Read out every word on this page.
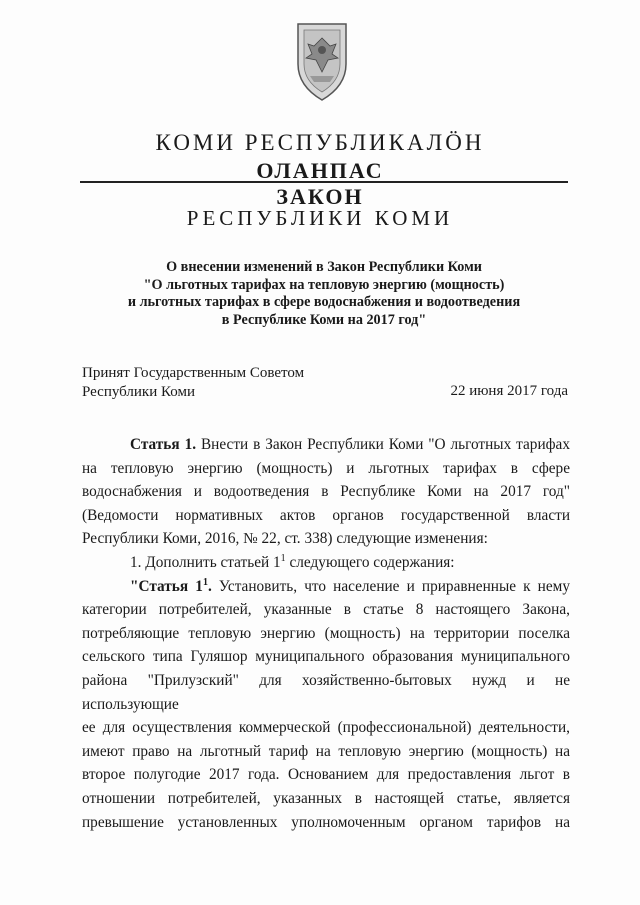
КОМИ РЕСПУБЛИКАЛӦН
ОЛАНПАС
ЗАКОН
РЕСПУБЛИКИ КОМИ
О внесении изменений в Закон Республики Коми
"О льготных тарифах на тепловую энергию (мощность)
и льготных тарифах в сфере водоснабжения и водоотведения
в Республике Коми на 2017 год"
Принят Государственным Советом
Республики Коми	22 июня 2017 года

Статья 1. Внести в Закон Республики Коми "О льготных тарифах

на тепловую энергию (мощность) и льготных тарифах в сфере

водоснабжения и водоотведения в Республике Коми на 2017 год"

(Ведомости нормативных актов органов государственной власти

Республики Коми, 2016, № 22, ст. 338) следующие изменения:

1. Дополнить статьей $1^1$ следующего содержания:

"Статья $1^1$. Установить, что население и приравненные к нему

категории потребителей, указанные в статье 8 настоящего Закона,

потребляющие тепловую энергию (мощность) на территории поселка

сельского типа Гуляшор муниципального образования муниципального

района "Прилузский" для хозяйственно-бытовых нужд и не использующие

ее для осуществления коммерческой (профессиональной) деятельности,

имеют право на льготный тариф на тепловую энергию (мощность) на

второе полугодие 2017 года. Основанием для предоставления льгот в

отношении потребителей, указанных в настоящей статье, является

превышение установленных уполномоченным органом тарифов на
